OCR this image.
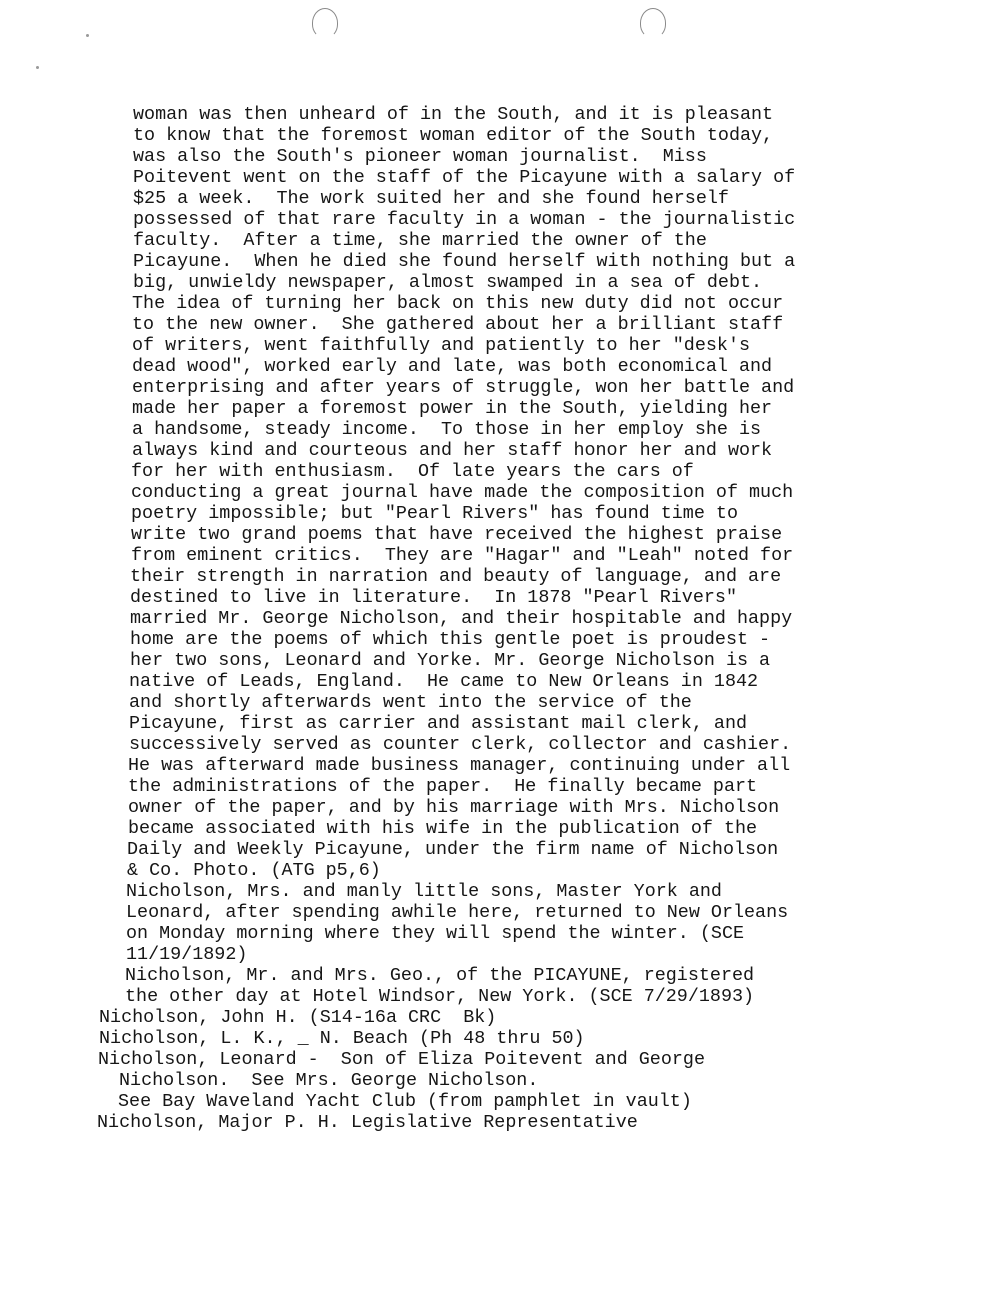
woman was then unheard of in the South, and it is pleasant
to know that the foremost woman editor of the South today,
was also the South's pioneer woman journalist.  Miss
Poitevent went on the staff of the Picayune with a salary of
$25 a week.  The work suited her and she found herself
possessed of that rare faculty in a woman - the journalistic
faculty.  After a time, she married the owner of the
Picayune.  When he died she found herself with nothing but a
big, unwieldy newspaper, almost swamped in a sea of debt.
The idea of turning her back on this new duty did not occur
to the new owner.  She gathered about her a brilliant staff
of writers, went faithfully and patiently to her "desk's
dead wood", worked early and late, was both economical and
enterprising and after years of struggle, won her battle and
made her paper a foremost power in the South, yielding her
a handsome, steady income.  To those in her employ she is
always kind and courteous and her staff honor her and work
for her with enthusiasm.  Of late years the cars of
conducting a great journal have made the composition of much
poetry impossible; but "Pearl Rivers" has found time to
write two grand poems that have received the highest praise
from eminent critics.  They are "Hagar" and "Leah" noted for
their strength in narration and beauty of language, and are
destined to live in literature.  In 1878 "Pearl Rivers"
married Mr. George Nicholson, and their hospitable and happy
home are the poems of which this gentle poet is proudest -
her two sons, Leonard and Yorke. Mr. George Nicholson is a
native of Leads, England.  He came to New Orleans in 1842
and shortly afterwards went into the service of the
Picayune, first as carrier and assistant mail clerk, and
successively served as counter clerk, collector and cashier.
He was afterward made business manager, continuing under all
the administrations of the paper.  He finally became part
owner of the paper, and by his marriage with Mrs. Nicholson
became associated with his wife in the publication of the
Daily and Weekly Picayune, under the firm name of Nicholson
& Co. Photo. (ATG p5,6)
Nicholson, Mrs. and manly little sons, Master York and
Leonard, after spending awhile here, returned to New Orleans
on Monday morning where they will spend the winter. (SCE
11/19/1892)
Nicholson, Mr. and Mrs. Geo., of the PICAYUNE, registered
the other day at Hotel Windsor, New York. (SCE 7/29/1893)
Nicholson, John H. (S14-16a CRC  Bk)
Nicholson, L. K., _ N. Beach (Ph 48 thru 50)
Nicholson, Leonard -  Son of Eliza Poitevent and George
Nicholson.  See Mrs. George Nicholson.
See Bay Waveland Yacht Club (from pamphlet in vault)
Nicholson, Major P. H. Legislative Representative
